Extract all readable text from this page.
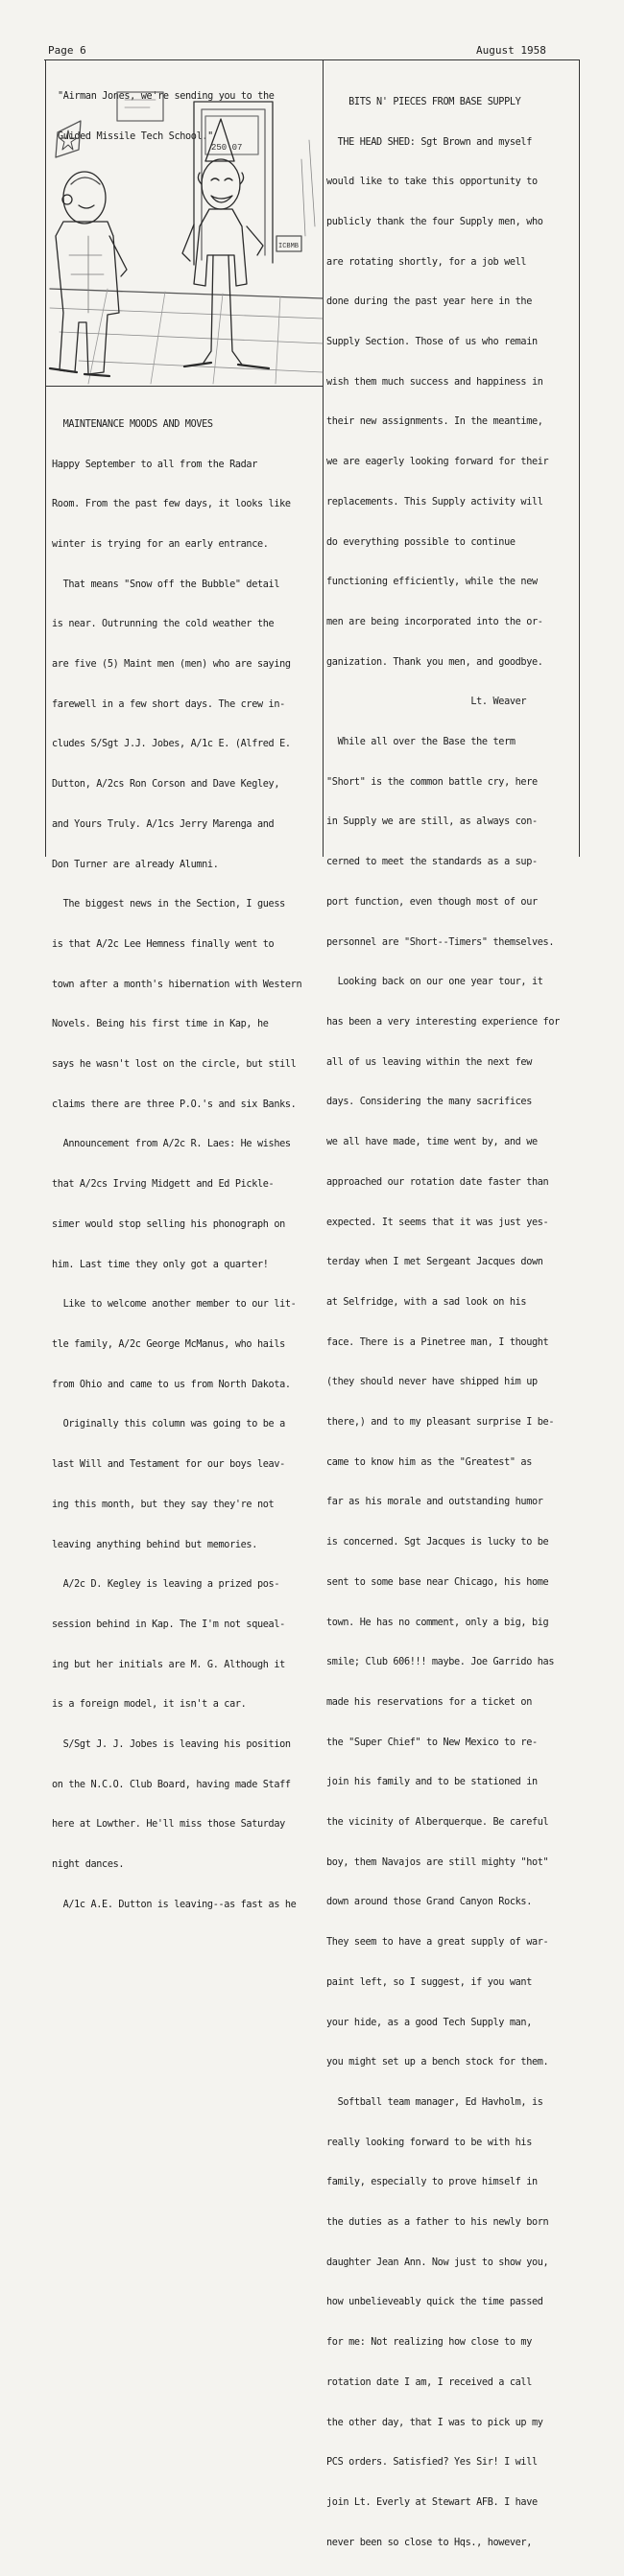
Page 6	August 1958

"Airman Jones, we're sending you to the

Guided Missile Tech School."

250 07
ICBMB

MAINTENANCE MOODS AND MOVES

Happy September to all from the Radar

Room. From the past few days, it looks like

winter is trying for an early entrance.

That means "Snow off the Bubble" detail

is near. Outrunning the cold weather the

are five (5) Maint men (men) who are saying

farewell in a few short days. The crew in-

cludes S/Sgt J.J. Jobes, A/1c E. (Alfred E.

Dutton, A/2cs Ron Corson and Dave Kegley,

and Yours Truly. A/1cs Jerry Marenga and

Don Turner are already Alumni.

The biggest news in the Section, I guess

is that A/2c Lee Hemness finally went to

town after a month's hibernation with Western

Novels. Being his first time in Kap, he

says he wasn't lost on the circle, but still

claims there are three P.O.'s and six Banks.

Announcement from A/2c R. Laes: He wishes

that A/2cs Irving Midgett and Ed Pickle-

simer would stop selling his phonograph on

him. Last time they only got a quarter!

Like to welcome another member to our lit-

tle family, A/2c George McManus, who hails

from Ohio and came to us from North Dakota.

Originally this column was going to be a

last Will and Testament for our boys leav-

ing this month, but they say they're not

leaving anything behind but memories.

A/2c D. Kegley is leaving a prized pos-

session behind in Kap. The I'm not squeal-

ing but her initials are M. G. Although it

is a foreign model, it isn't a car.

S/Sgt J. J. Jobes is leaving his position

on the N.C.O. Club Board, having made Staff

here at Lowther. He'll miss those Saturday

night dances.

A/1c A.E. Dutton is leaving--as fast as he

BITS N' PIECES FROM BASE SUPPLY

THE HEAD SHED: Sgt Brown and myself

would like to take this opportunity to

publicly thank the four Supply men, who

are rotating shortly, for a job well

done during the past year here in the

Supply Section. Those of us who remain

wish them much success and happiness in

their new assignments. In the meantime,

we are eagerly looking forward for their

replacements. This Supply activity will

do everything possible to continue

functioning efficiently, while the new

men are being incorporated into the or-

ganization. Thank you men, and goodbye.

Lt. Weaver

While all over the Base the term

"Short" is the common battle cry, here

in Supply we are still, as always con-

cerned to meet the standards as a sup-

port function, even though most of our

personnel are "Short--Timers" themselves.

Looking back on our one year tour, it

has been a very interesting experience for

all of us leaving within the next few

days. Considering the many sacrifices

we all have made, time went by, and we

approached our rotation date faster than

expected. It seems that it was just yes-

terday when I met Sergeant Jacques down

at Selfridge, with a sad look on his

face. There is a Pinetree man, I thought

(they should never have shipped him up

there,) and to my pleasant surprise I be-

came to know him as the "Greatest" as

far as his morale and outstanding humor

is concerned. Sgt Jacques is lucky to be

sent to some base near Chicago, his home

town. He has no comment, only a big, big

smile; Club 606!!! maybe. Joe Garrido has

made his reservations for a ticket on

the "Super Chief" to New Mexico to re-

join his family and to be stationed in

the vicinity of Alberquerque. Be careful

boy, them Navajos are still mighty "hot"

down around those Grand Canyon Rocks.

They seem to have a great supply of war-

paint left, so I suggest, if you want

your hide, as a good Tech Supply man,

you might set up a bench stock for them.

Softball team manager, Ed Havholm, is

really looking forward to be with his

family, especially to prove himself in

the duties as a father to his newly born

daughter Jean Ann. Now just to show you,

how unbelieveably quick the time passed

for me: Not realizing how close to my

rotation date I am, I received a call

the other day, that I was to pick up my

PCS orders. Satisfied? Yes Sir! I will

join Lt. Everly at Stewart AFB. I have

never been so close to Hqs., however,
